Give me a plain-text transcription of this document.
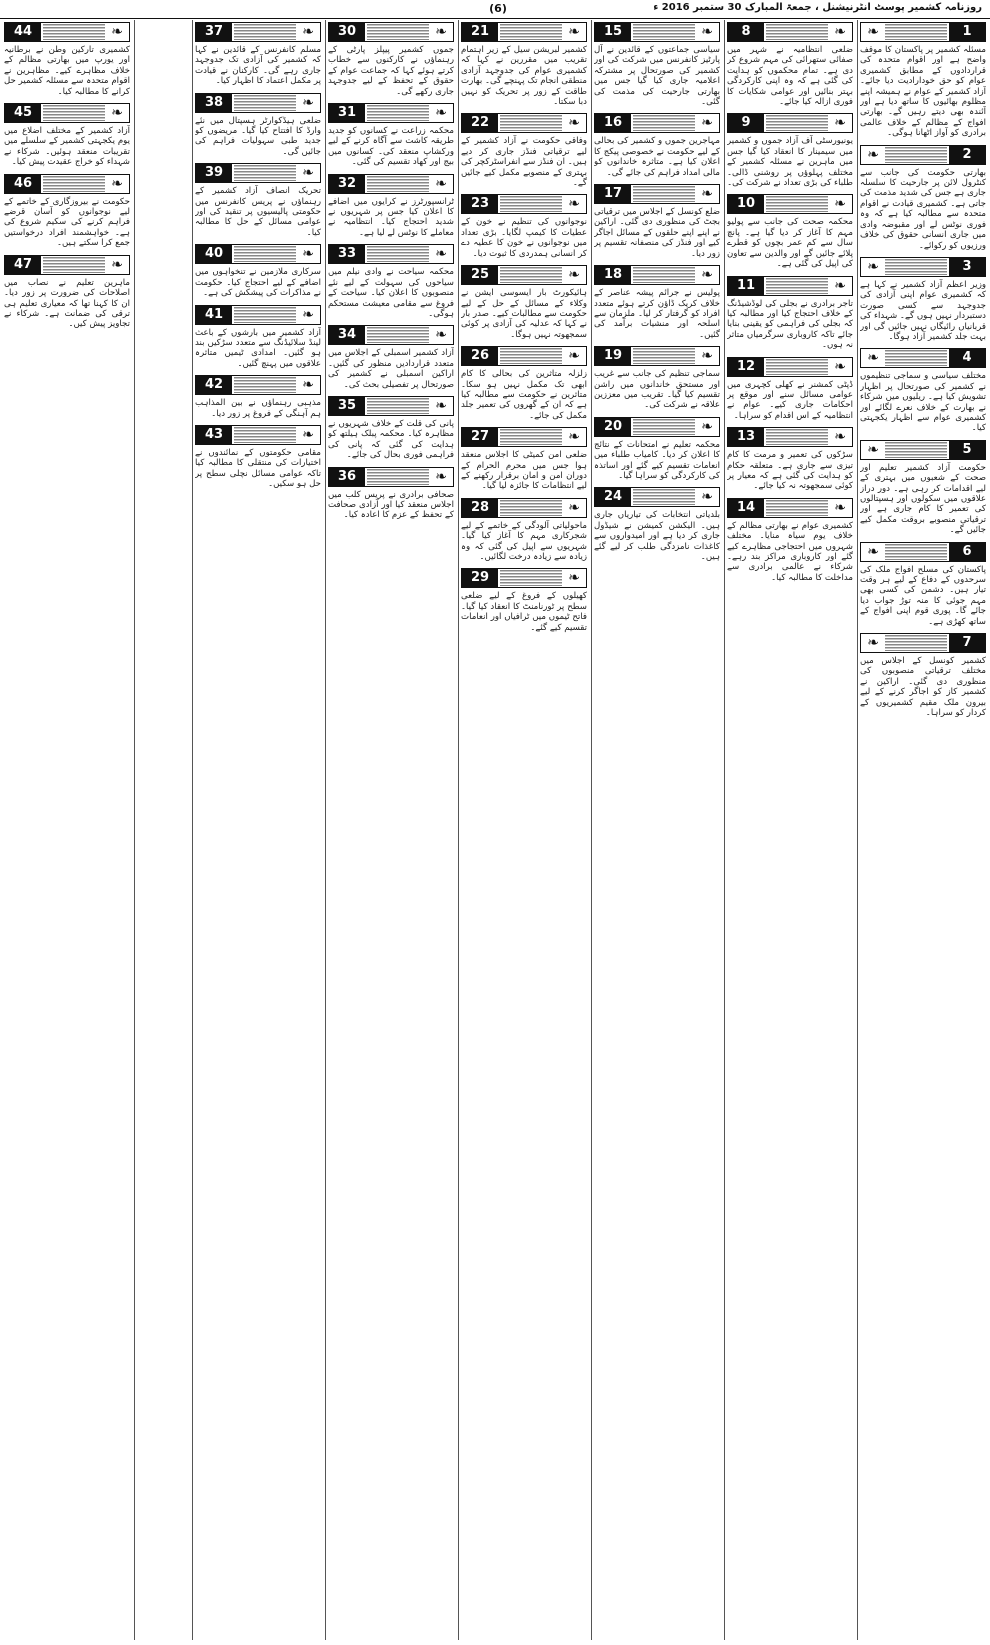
(6)	روزنامہ کشمیر پوسٹ انٹرنیشنل ، جمعۃ المبارک 30 ستمبر 2016 ء
❧	1
مسئلہ کشمیر پر پاکستان کا موقف واضح ہے اور اقوام متحدہ کی قراردادوں کے مطابق کشمیری عوام کو حق خودارادیت دیا جائے۔ آزاد کشمیر کے عوام نے ہمیشہ اپنے مظلوم بھائیوں کا ساتھ دیا ہے اور آئندہ بھی دیتے رہیں گے۔ بھارتی افواج کے مظالم کے خلاف عالمی برادری کو آواز اٹھانا ہوگی۔
❧	2
بھارتی حکومت کی جانب سے کنٹرول لائن پر جارحیت کا سلسلہ جاری ہے جس کی شدید مذمت کی جاتی ہے۔ کشمیری قیادت نے اقوام متحدہ سے مطالبہ کیا ہے کہ وہ فوری نوٹس لے اور مقبوضہ وادی میں جاری انسانی حقوق کی خلاف ورزیوں کو رکوائے۔
❧	3
وزیر اعظم آزاد کشمیر نے کہا ہے کہ کشمیری عوام اپنی آزادی کی جدوجہد سے کسی صورت دستبردار نہیں ہوں گے۔ شہداء کی قربانیاں رائیگاں نہیں جائیں گی اور بہت جلد کشمیر آزاد ہوگا۔
❧	4
مختلف سیاسی و سماجی تنظیموں نے کشمیر کی صورتحال پر اظہار تشویش کیا ہے۔ ریلیوں میں شرکاء نے بھارت کے خلاف نعرے لگائے اور کشمیری عوام سے اظہار یکجہتی کیا۔
❧	5
حکومت آزاد کشمیر تعلیم اور صحت کے شعبوں میں بہتری کے لیے اقدامات کر رہی ہے۔ دور دراز علاقوں میں سکولوں اور ہسپتالوں کی تعمیر کا کام جاری ہے اور ترقیاتی منصوبے بروقت مکمل کیے جائیں گے۔
❧	6
پاکستان کی مسلح افواج ملک کی سرحدوں کے دفاع کے لیے ہر وقت تیار ہیں۔ دشمن کی کسی بھی مہم جوئی کا منہ توڑ جواب دیا جائے گا۔ پوری قوم اپنی افواج کے ساتھ کھڑی ہے۔
❧	7
کشمیر کونسل کے اجلاس میں مختلف ترقیاتی منصوبوں کی منظوری دی گئی۔ اراکین نے کشمیر کاز کو اجاگر کرنے کے لیے بیرون ملک مقیم کشمیریوں کے کردار کو سراہا۔
❧
8
ضلعی انتظامیہ نے شہر میں صفائی ستھرائی کی مہم شروع کر دی ہے۔ تمام محکموں کو ہدایت کی گئی ہے کہ وہ اپنی کارکردگی بہتر بنائیں اور عوامی شکایات کا فوری ازالہ کیا جائے۔
❧
9
یونیورسٹی آف آزاد جموں و کشمیر میں سیمینار کا انعقاد کیا گیا جس میں ماہرین نے مسئلہ کشمیر کے مختلف پہلوؤں پر روشنی ڈالی۔ طلباء کی بڑی تعداد نے شرکت کی۔
❧
10
محکمہ صحت کی جانب سے پولیو مہم کا آغاز کر دیا گیا ہے۔ پانچ سال سے کم عمر بچوں کو قطرے پلائے جائیں گے اور والدین سے تعاون کی اپیل کی گئی ہے۔
❧
11
تاجر برادری نے بجلی کی لوڈشیڈنگ کے خلاف احتجاج کیا اور مطالبہ کیا کہ بجلی کی فراہمی کو یقینی بنایا جائے تاکہ کاروباری سرگرمیاں متاثر نہ ہوں۔
❧
12
ڈپٹی کمشنر نے کھلی کچہری میں عوامی مسائل سنے اور موقع پر احکامات جاری کیے۔ عوام نے انتظامیہ کے اس اقدام کو سراہا۔
❧
13
سڑکوں کی تعمیر و مرمت کا کام تیزی سے جاری ہے۔ متعلقہ حکام کو ہدایت کی گئی ہے کہ معیار پر کوئی سمجھوتہ نہ کیا جائے۔
❧
14
کشمیری عوام نے بھارتی مظالم کے خلاف یوم سیاہ منایا۔ مختلف شہروں میں احتجاجی مظاہرے کیے گئے اور کاروباری مراکز بند رہے۔ شرکاء نے عالمی برادری سے مداخلت کا مطالبہ کیا۔
❧
15
سیاسی جماعتوں کے قائدین نے آل پارٹیز کانفرنس میں شرکت کی اور کشمیر کی صورتحال پر مشترکہ اعلامیہ جاری کیا گیا جس میں بھارتی جارحیت کی مذمت کی گئی۔
❧
16
مہاجرین جموں و کشمیر کی بحالی کے لیے حکومت نے خصوصی پیکج کا اعلان کیا ہے۔ متاثرہ خاندانوں کو مالی امداد فراہم کی جائے گی۔
❧
17
ضلع کونسل کے اجلاس میں ترقیاتی بجٹ کی منظوری دی گئی۔ اراکین نے اپنے اپنے حلقوں کے مسائل اجاگر کیے اور فنڈز کی منصفانہ تقسیم پر زور دیا۔
❧
18
پولیس نے جرائم پیشہ عناصر کے خلاف کریک ڈاؤن کرتے ہوئے متعدد افراد کو گرفتار کر لیا۔ ملزمان سے اسلحہ اور منشیات برآمد کی گئیں۔
❧
19
سماجی تنظیم کی جانب سے غریب اور مستحق خاندانوں میں راشن تقسیم کیا گیا۔ تقریب میں معززین علاقہ نے شرکت کی۔
❧
20
محکمہ تعلیم نے امتحانات کے نتائج کا اعلان کر دیا۔ کامیاب طلباء میں انعامات تقسیم کیے گئے اور اساتذہ کی کارکردگی کو سراہا گیا۔
❧
24
بلدیاتی انتخابات کی تیاریاں جاری ہیں۔ الیکشن کمیشن نے شیڈول جاری کر دیا ہے اور امیدواروں سے کاغذات نامزدگی طلب کر لیے گئے ہیں۔
❧
21
کشمیر لبریشن سیل کے زیر اہتمام تقریب میں مقررین نے کہا کہ کشمیری عوام کی جدوجہد آزادی منطقی انجام تک پہنچے گی۔ بھارت طاقت کے زور پر تحریک کو نہیں دبا سکتا۔
❧
22
وفاقی حکومت نے آزاد کشمیر کے لیے ترقیاتی فنڈز جاری کر دیے ہیں۔ ان فنڈز سے انفراسٹرکچر کی بہتری کے منصوبے مکمل کیے جائیں گے۔
❧
23
نوجوانوں کی تنظیم نے خون کے عطیات کا کیمپ لگایا۔ بڑی تعداد میں نوجوانوں نے خون کا عطیہ دے کر انسانی ہمدردی کا ثبوت دیا۔
❧
25
ہائیکورٹ بار ایسوسی ایشن نے وکلاء کے مسائل کے حل کے لیے حکومت سے مطالبات کیے۔ صدر بار نے کہا کہ عدلیہ کی آزادی پر کوئی سمجھوتہ نہیں ہوگا۔
❧
26
زلزلہ متاثرین کی بحالی کا کام ابھی تک مکمل نہیں ہو سکا۔ متاثرین نے حکومت سے مطالبہ کیا ہے کہ ان کے گھروں کی تعمیر جلد مکمل کی جائے۔
❧
27
ضلعی امن کمیٹی کا اجلاس منعقد ہوا جس میں محرم الحرام کے دوران امن و امان برقرار رکھنے کے لیے انتظامات کا جائزہ لیا گیا۔
❧
28
ماحولیاتی آلودگی کے خاتمے کے لیے شجرکاری مہم کا آغاز کیا گیا۔ شہریوں سے اپیل کی گئی کہ وہ زیادہ سے زیادہ درخت لگائیں۔
❧
29
کھیلوں کے فروغ کے لیے ضلعی سطح پر ٹورنامنٹ کا انعقاد کیا گیا۔ فاتح ٹیموں میں ٹرافیاں اور انعامات تقسیم کیے گئے۔
❧
30
جموں کشمیر پیپلز پارٹی کے رہنماؤں نے کارکنوں سے خطاب کرتے ہوئے کہا کہ جماعت عوام کے حقوق کے تحفظ کے لیے جدوجہد جاری رکھے گی۔
❧
31
محکمہ زراعت نے کسانوں کو جدید طریقہ کاشت سے آگاہ کرنے کے لیے ورکشاپ منعقد کی۔ کسانوں میں بیج اور کھاد تقسیم کی گئی۔
❧
32
ٹرانسپورٹرز نے کرایوں میں اضافے کا اعلان کیا جس پر شہریوں نے شدید احتجاج کیا۔ انتظامیہ نے معاملے کا نوٹس لے لیا ہے۔
❧
33
محکمہ سیاحت نے وادی نیلم میں سیاحوں کی سہولت کے لیے نئے منصوبوں کا اعلان کیا۔ سیاحت کے فروغ سے مقامی معیشت مستحکم ہوگی۔
❧
34
آزاد کشمیر اسمبلی کے اجلاس میں متعدد قراردادیں منظور کی گئیں۔ اراکین اسمبلی نے کشمیر کی صورتحال پر تفصیلی بحث کی۔
❧
35
پانی کی قلت کے خلاف شہریوں نے مظاہرہ کیا۔ محکمہ پبلک ہیلتھ کو ہدایت کی گئی کہ پانی کی فراہمی فوری بحال کی جائے۔
❧
36
صحافی برادری نے پریس کلب میں اجلاس منعقد کیا اور آزادی صحافت کے تحفظ کے عزم کا اعادہ کیا۔
❧
37
مسلم کانفرنس کے قائدین نے کہا کہ کشمیر کی آزادی تک جدوجہد جاری رہے گی۔ کارکنان نے قیادت پر مکمل اعتماد کا اظہار کیا۔
❧
38
ضلعی ہیڈکوارٹر ہسپتال میں نئے وارڈ کا افتتاح کیا گیا۔ مریضوں کو جدید طبی سہولیات فراہم کی جائیں گی۔
❧
39
تحریک انصاف آزاد کشمیر کے رہنماؤں نے پریس کانفرنس میں حکومتی پالیسیوں پر تنقید کی اور عوامی مسائل کے حل کا مطالبہ کیا۔
❧
40
سرکاری ملازمین نے تنخواہوں میں اضافے کے لیے احتجاج کیا۔ حکومت نے مذاکرات کی پیشکش کی ہے۔
❧
41
آزاد کشمیر میں بارشوں کے باعث لینڈ سلائیڈنگ سے متعدد سڑکیں بند ہو گئیں۔ امدادی ٹیمیں متاثرہ علاقوں میں پہنچ گئیں۔
❧
42
مذہبی رہنماؤں نے بین المذاہب ہم آہنگی کے فروغ پر زور دیا۔
❧
43
مقامی حکومتوں کے نمائندوں نے اختیارات کی منتقلی کا مطالبہ کیا تاکہ عوامی مسائل نچلی سطح پر حل ہو سکیں۔
❧
44
کشمیری تارکین وطن نے برطانیہ اور یورپ میں بھارتی مظالم کے خلاف مظاہرے کیے۔ مظاہرین نے اقوام متحدہ سے مسئلہ کشمیر حل کرانے کا مطالبہ کیا۔
❧
45
آزاد کشمیر کے مختلف اضلاع میں یوم یکجہتی کشمیر کے سلسلے میں تقریبات منعقد ہوئیں۔ شرکاء نے شہداء کو خراج عقیدت پیش کیا۔
❧
46
حکومت نے بیروزگاری کے خاتمے کے لیے نوجوانوں کو آسان قرضے فراہم کرنے کی سکیم شروع کی ہے۔ خواہشمند افراد درخواستیں جمع کرا سکتے ہیں۔
❧
47
ماہرین تعلیم نے نصاب میں اصلاحات کی ضرورت پر زور دیا۔ ان کا کہنا تھا کہ معیاری تعلیم ہی ترقی کی ضمانت ہے۔ شرکاء نے تجاویز پیش کیں۔
